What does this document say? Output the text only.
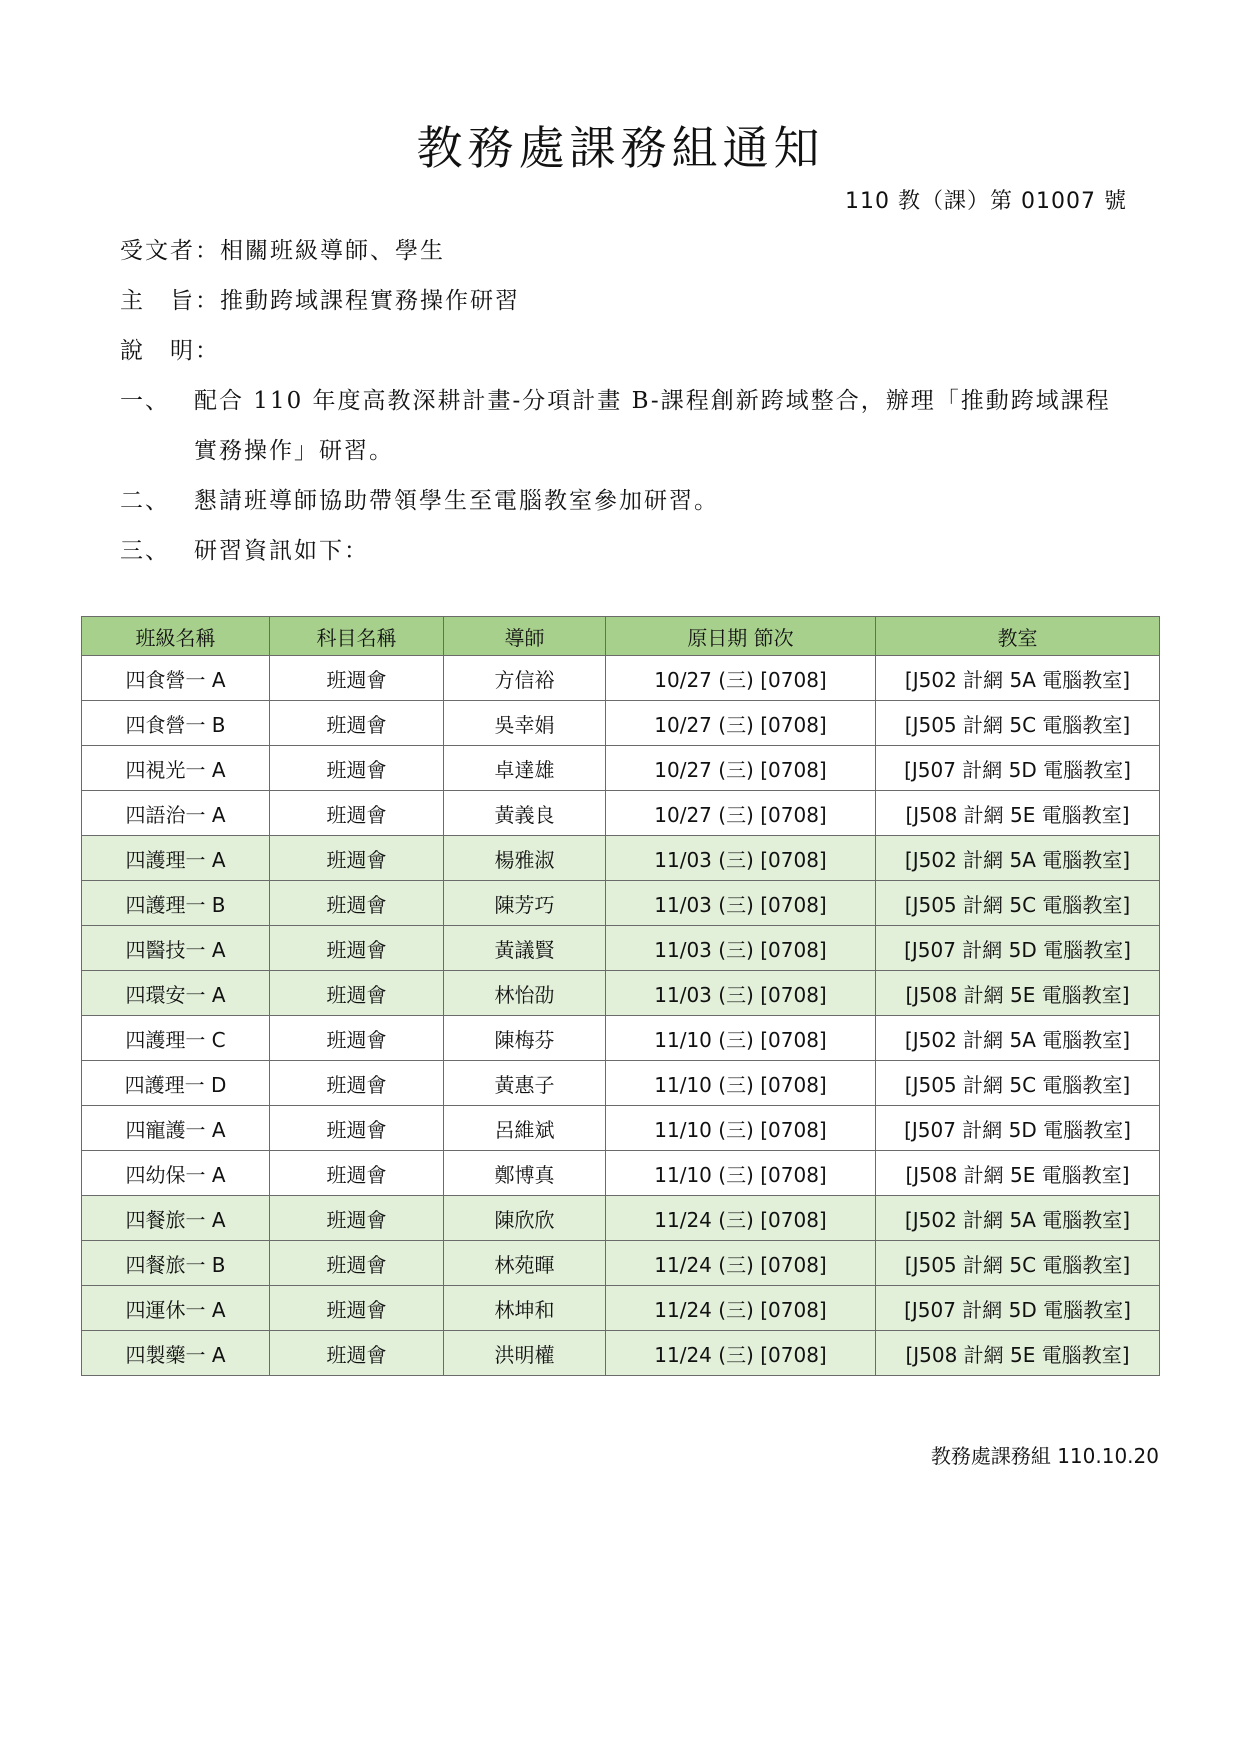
教務處課務組通知
110 教（課）第 01007 號
受文者：相關班級導師、學生
主　旨：推動跨域課程實務操作研習
說　明：
一、 配合 110 年度高教深耕計畫-分項計畫 B-課程創新跨域整合，辦理「推動跨域課程
實務操作」研習。
二、 懇請班導師協助帶領學生至電腦教室參加研習。
三、 研習資訊如下：
班級名稱	科目名稱	導師	原日期 節次	教室
四食營一 A	班週會	方信裕	10/27 (三) [0708]	[J502 計網 5A 電腦教室]
四食營一 B	班週會	吳幸娟	10/27 (三) [0708]	[J505 計網 5C 電腦教室]
四視光一 A	班週會	卓達雄	10/27 (三) [0708]	[J507 計網 5D 電腦教室]
四語治一 A	班週會	黃義良	10/27 (三) [0708]	[J508 計網 5E 電腦教室]
四護理一 A	班週會	楊雅淑	11/03 (三) [0708]	[J502 計網 5A 電腦教室]
四護理一 B	班週會	陳芳巧	11/03 (三) [0708]	[J505 計網 5C 電腦教室]
四醫技一 A	班週會	黃議賢	11/03 (三) [0708]	[J507 計網 5D 電腦教室]
四環安一 A	班週會	林怡劭	11/03 (三) [0708]	[J508 計網 5E 電腦教室]
四護理一 C	班週會	陳梅芬	11/10 (三) [0708]	[J502 計網 5A 電腦教室]
四護理一 D	班週會	黃惠子	11/10 (三) [0708]	[J505 計網 5C 電腦教室]
四寵護一 A	班週會	呂維斌	11/10 (三) [0708]	[J507 計網 5D 電腦教室]
四幼保一 A	班週會	鄭博真	11/10 (三) [0708]	[J508 計網 5E 電腦教室]
四餐旅一 A	班週會	陳欣欣	11/24 (三) [0708]	[J502 計網 5A 電腦教室]
四餐旅一 B	班週會	林苑暉	11/24 (三) [0708]	[J505 計網 5C 電腦教室]
四運休一 A	班週會	林坤和	11/24 (三) [0708]	[J507 計網 5D 電腦教室]
四製藥一 A	班週會	洪明權	11/24 (三) [0708]	[J508 計網 5E 電腦教室]
教務處課務組 110.10.20
